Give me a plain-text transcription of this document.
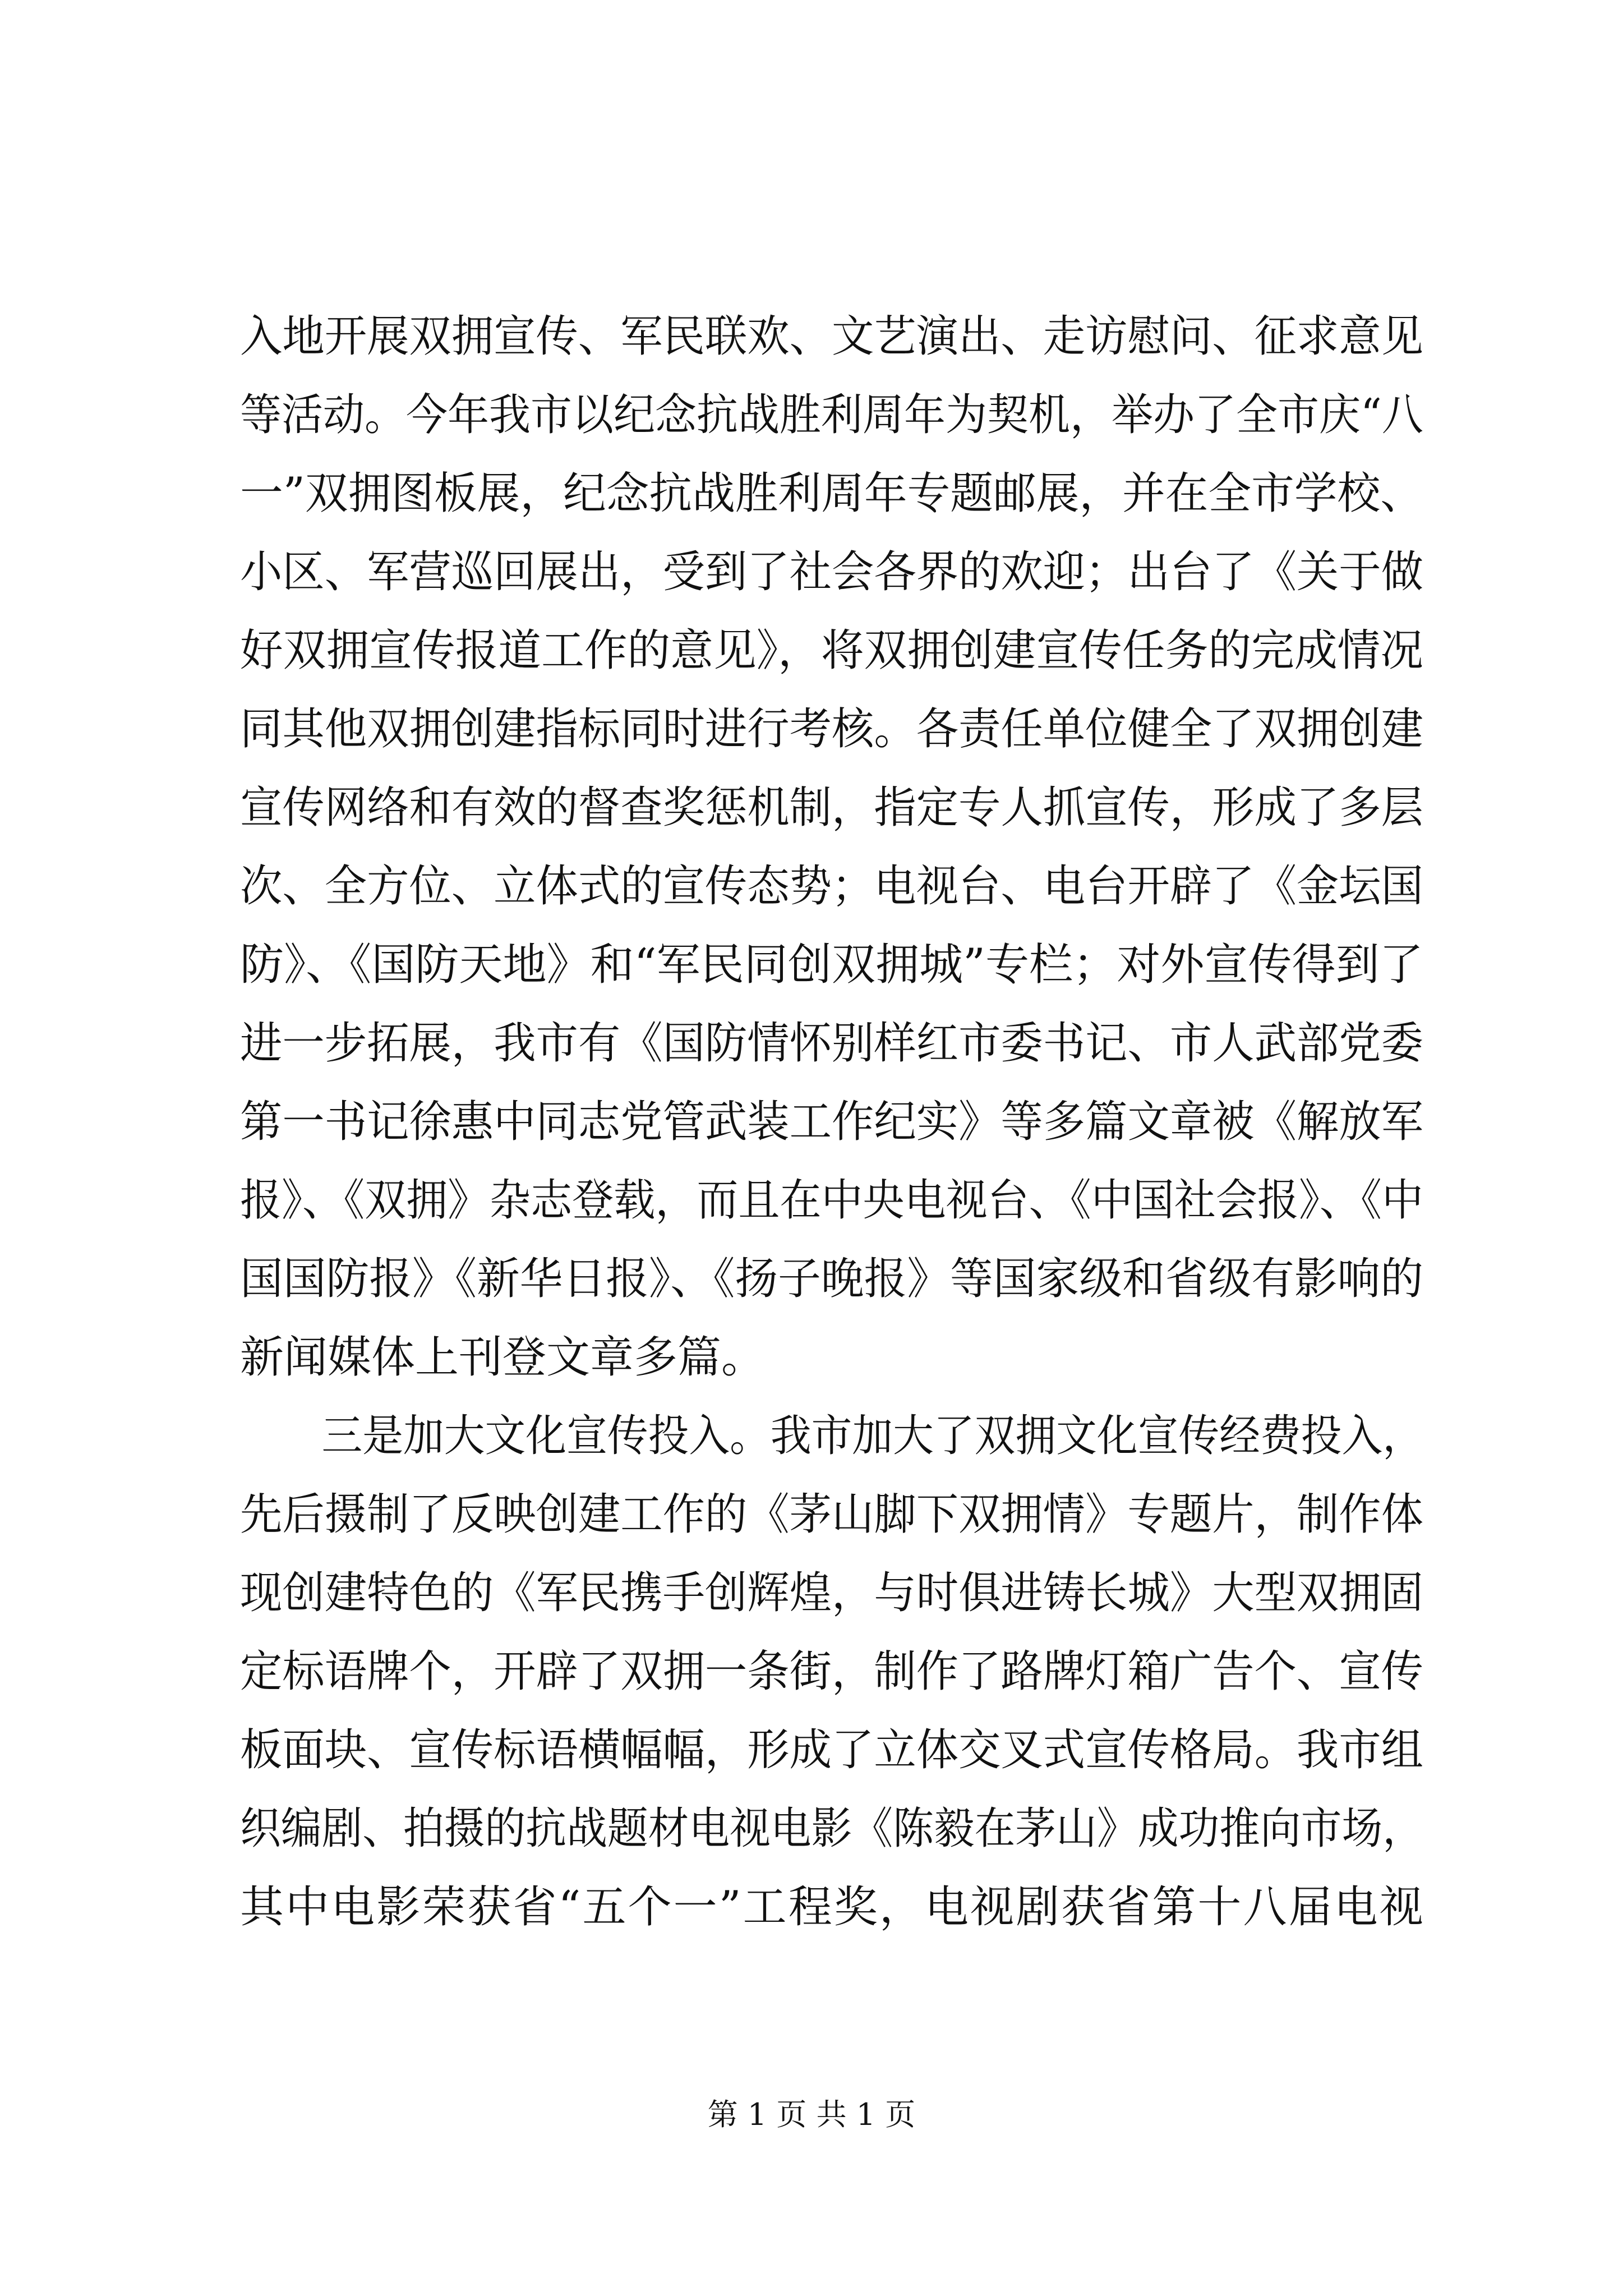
入地开展双拥宣传、军民联欢、文艺演出、走访慰问、征求意见
等活动。今年我市以纪念抗战胜利周年为契机，举办了全市庆“八
一”双拥图板展，纪念抗战胜利周年专题邮展，并在全市学校、
小区、军营巡回展出，受到了社会各界的欢迎；出台了《关于做
好双拥宣传报道工作的意见》，将双拥创建宣传任务的完成情况
同其他双拥创建指标同时进行考核。各责任单位健全了双拥创建
宣传网络和有效的督查奖惩机制，指定专人抓宣传，形成了多层
次、全方位、立体式的宣传态势；电视台、电台开辟了《金坛国
防》、《国防天地》和“军民同创双拥城”专栏；对外宣传得到了
进一步拓展，我市有《国防情怀别样红市委书记、市人武部党委
第一书记徐惠中同志党管武装工作纪实》等多篇文章被《解放军
报》、《双拥》杂志登载，而且在中央电视台、《中国社会报》、《中
国国防报》《新华日报》、《扬子晚报》等国家级和省级有影响的
新闻媒体上刊登文章多篇。
　　三是加大文化宣传投入。我市加大了双拥文化宣传经费投入，
先后摄制了反映创建工作的《茅山脚下双拥情》专题片，制作体
现创建特色的《军民携手创辉煌，与时俱进铸长城》大型双拥固
定标语牌个，开辟了双拥一条街，制作了路牌灯箱广告个、宣传
板面块、宣传标语横幅幅，形成了立体交叉式宣传格局。我市组
织编剧、拍摄的抗战题材电视电影《陈毅在茅山》成功推向市场，
其中电影荣获省“五个一”工程奖，电视剧获省第十八届电视
第 1 页 共 1 页
